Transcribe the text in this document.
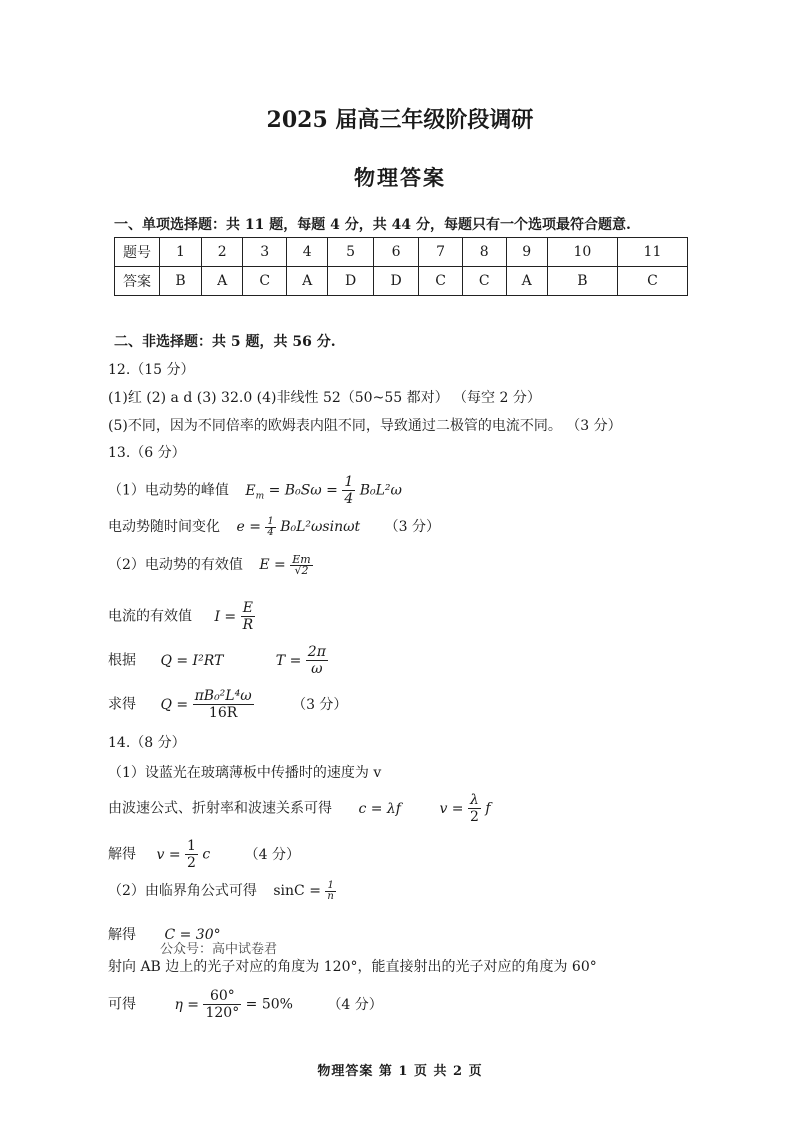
2025 届高三年级阶段调研
物理答案
一、单项选择题：共 11 题，每题 4 分，共 44 分，每题只有一个选项最符合题意.
题号	1	2	3	4	5	6	7	8	9	10	11
答案	B	A	C	A	D	D	C	C	A	B	C
二、非选择题：共 5 题，共 56 分.
12.（15 分）
(1)红 (2) a d (3) 32.0 (4)非线性 52（50~55 都对） （每空 2 分）
(5)不同，因为不同倍率的欧姆表内阻不同，导致通过二极管的电流不同。 （3 分）
13.（6 分）
（1）电动势的峰值 $E_m = B_0S\omega = \frac{1}{4} B_0L^2\omega$
电动势随时间变化 $e = \frac{1}{4} B_0L^2\omega\sin\omega t$ （3 分）
（2）电动势的有效值 $E = \frac{Em}{√2}$
电流的有效值 $I = \frac{E}{R}$
根据 Q = I²RT	$T = \frac{2\pi}{\omega}$
求得 $Q = \frac{\text{πB₀²L⁴ω}}{16R}$	（3 分）
14.（8 分）
（1）设蓝光在玻璃薄板中传播时的速度为 v
由波速公式、折射率和波速关系可得 c = λf	$v = \frac{\lambda}{2}$ f
解得 $v = \frac{1}{2}$ c （4 分）
（2）由临界角公式可得 $\sin C = \frac{1}{n}$
解得 C = 30°
公众号：高中试卷君
射向 AB 边上的光子对应的角度为 120°，能直接射出的光子对应的角度为 60°
可得	$\eta = \frac{60^\circ}{120^\circ} = 50\%$ （4 分）
物理答案 第 1 页 共 2 页
